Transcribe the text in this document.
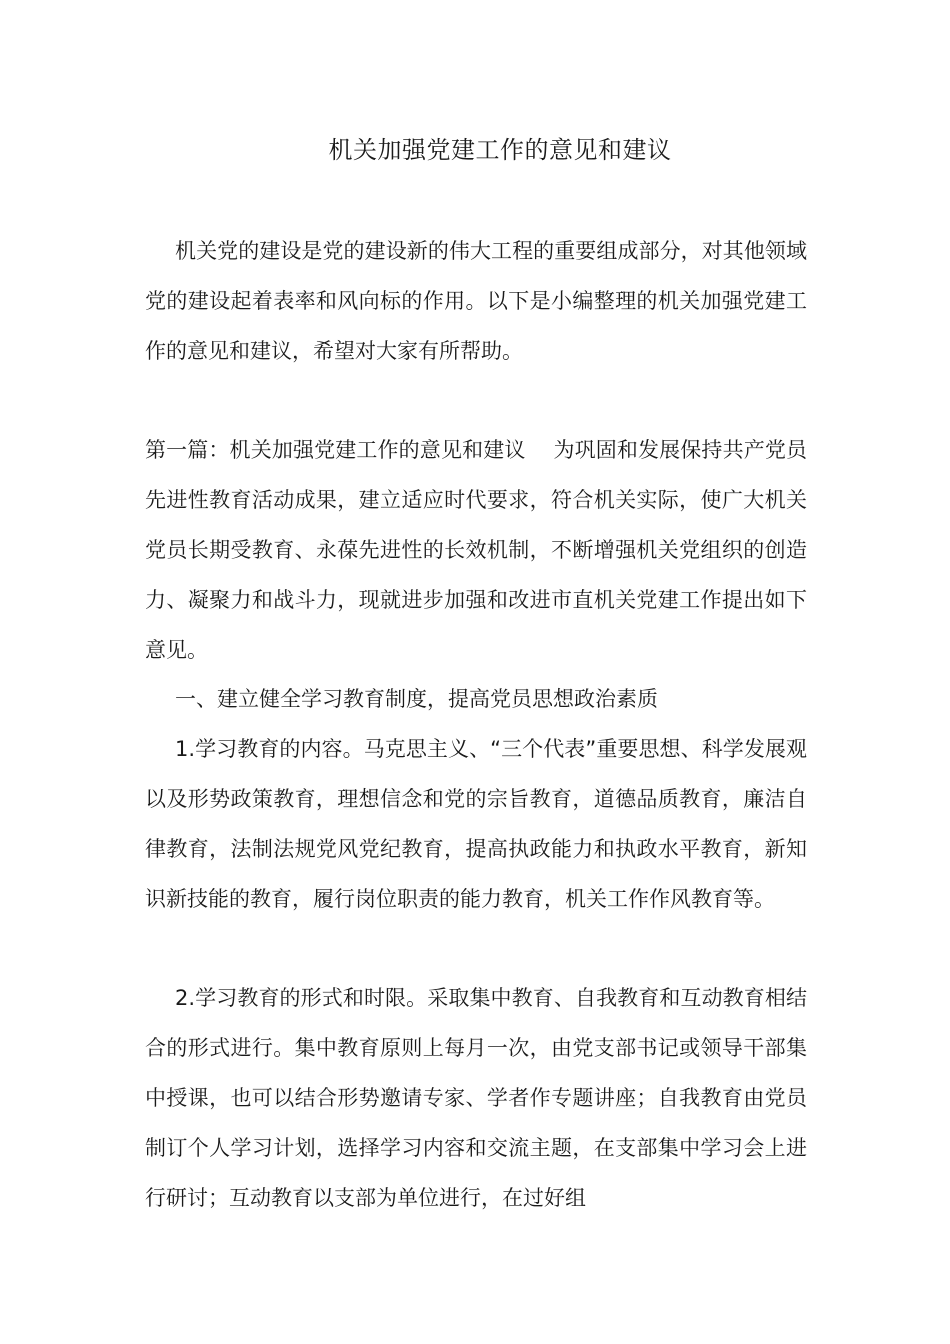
机关加强党建工作的意见和建议

机关党的建设是党的建设新的伟大工程的重要组成部分，对其他领域党的建设起着表率和风向标的作用。以下是小编整理的机关加强党建工作的意见和建议，希望对大家有所帮助。

第一篇：机关加强党建工作的意见和建议　 为巩固和发展保持共产党员先进性教育活动成果，建立适应时代要求，符合机关实际，使广大机关党员长期受教育、永葆先进性的长效机制，不断增强机关党组织的创造力、凝聚力和战斗力，现就进步加强和改进市直机关党建工作提出如下意见。

一、建立健全学习教育制度，提高党员思想政治素质

1.学习教育的内容。马克思主义、“三个代表”重要思想、科学发展观以及形势政策教育，理想信念和党的宗旨教育，道德品质教育，廉洁自律教育，法制法规党风党纪教育，提高执政能力和执政水平教育，新知识新技能的教育，履行岗位职责的能力教育，机关工作作风教育等。

2.学习教育的形式和时限。采取集中教育、自我教育和互动教育相结合的形式进行。集中教育原则上每月一次，由党支部书记或领导干部集中授课，也可以结合形势邀请专家、学者作专题讲座；自我教育由党员制订个人学习计划，选择学习内容和交流主题，在支部集中学习会上进行研讨；互动教育以支部为单位进行，在过好组
